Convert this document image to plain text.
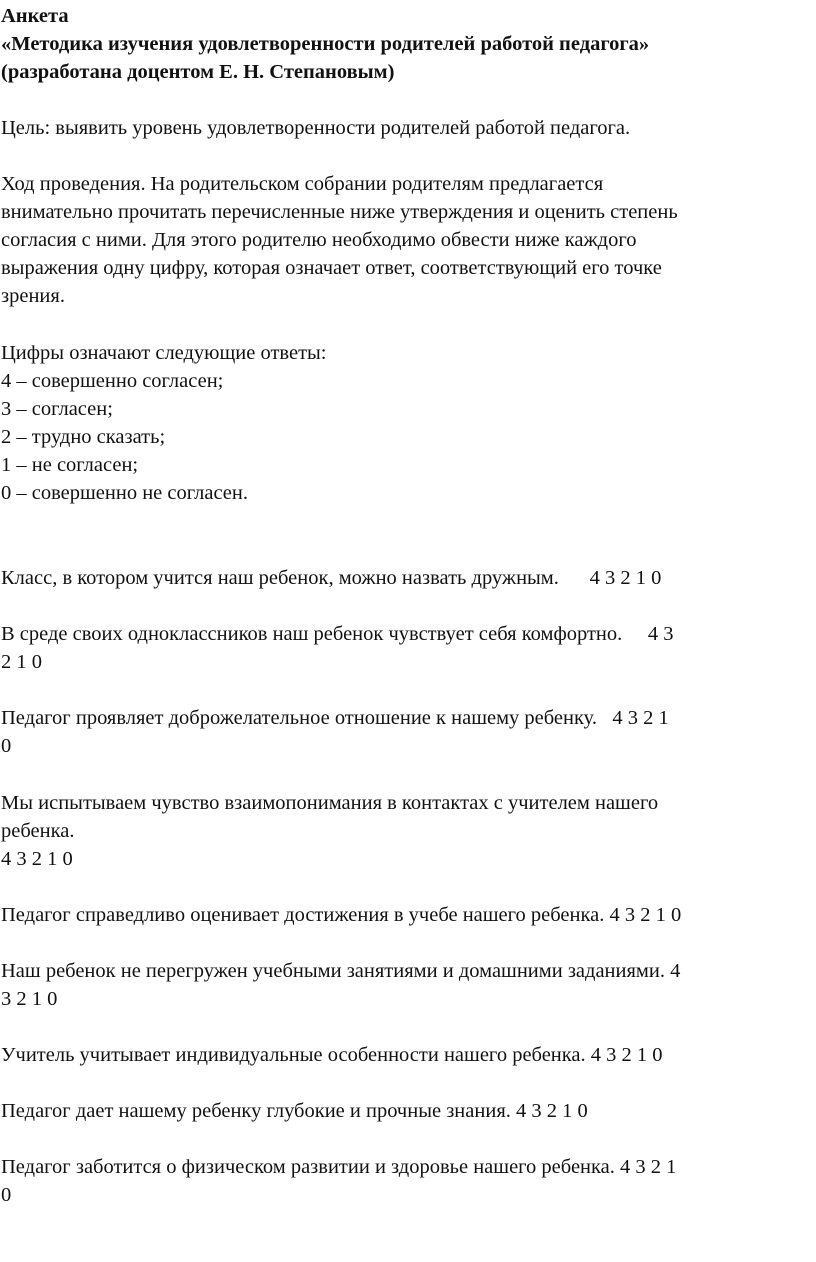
Анкета
«Методика изучения удовлетворенности родителей работой педагога»
(разработана доцентом Е. Н. Степановым)
Цель: выявить уровень удовлетворенности родителей работой педагога.
Ход проведения. На родительском собрании родителям предлагается
внимательно прочитать перечисленные ниже утверждения и оценить степень
согласия с ними. Для этого родителю необходимо обвести ниже каждого
выражения одну цифру, которая означает ответ, соответствующий его точке
зрения.
Цифры означают следующие ответы:
4 – совершенно согласен;
3 – согласен;
2 – трудно сказать;
1 – не согласен;
0 – совершенно не согласен.
Класс, в котором учится наш ребенок, можно назвать дружным.      4 3 2 1 0
В среде своих одноклассников наш ребенок чувствует себя комфортно.     4 3
2 1 0
Педагог проявляет доброжелательное отношение к нашему ребенку.   4 3 2 1
0
Мы испытываем чувство взаимопонимания в контактах с учителем нашего
ребенка.
4 3 2 1 0
Педагог справедливо оценивает достижения в учебе нашего ребенка. 4 3 2 1 0
Наш ребенок не перегружен учебными занятиями и домашними заданиями. 4
3 2 1 0
Учитель учитывает индивидуальные особенности нашего ребенка. 4 3 2 1 0
Педагог дает нашему ребенку глубокие и прочные знания. 4 3 2 1 0
Педагог заботится о физическом развитии и здоровье нашего ребенка. 4 3 2 1
0
